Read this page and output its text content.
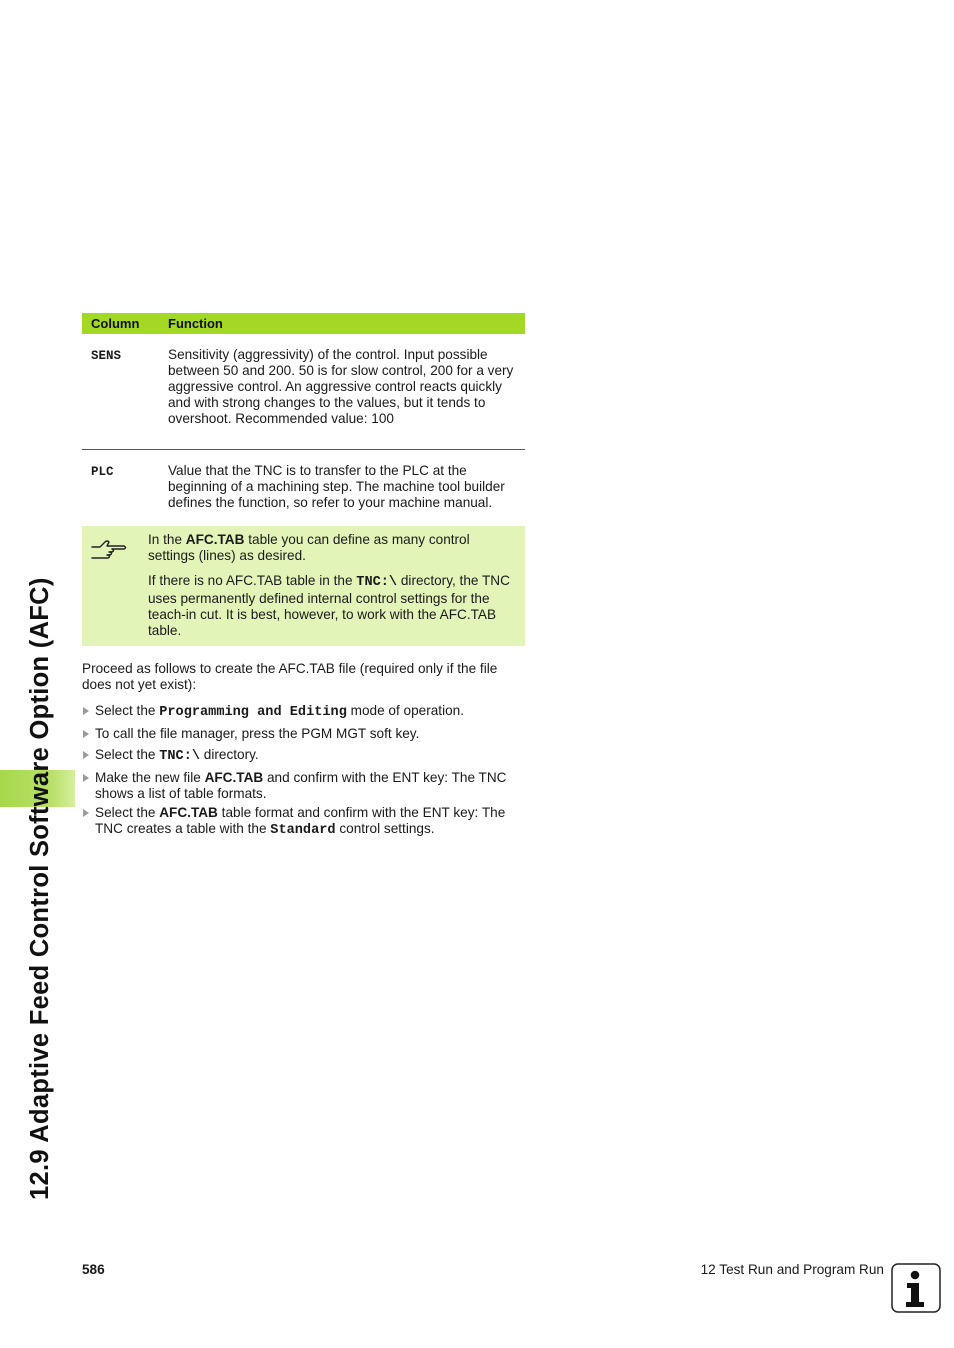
12.9 Adaptive Feed Control Software Option (AFC)
Column	Function
SENS	Sensitivity (aggressivity) of the control. Input possible between 50 and 200. 50 is for slow control, 200 for a very aggressive control. An aggressive control reacts quickly and with strong changes to the values, but it tends to overshoot. Recommended value: 100
PLC	Value that the TNC is to transfer to the PLC at the beginning of a machining step. The machine tool builder defines the function, so refer to your machine manual.

In the AFC.TAB table you can define as many control settings (lines) as desired.

If there is no AFC.TAB table in the TNC:\ directory, the TNC uses permanently defined internal control settings for the teach-in cut. It is best, however, to work with the AFC.TAB table.

Proceed as follows to create the AFC.TAB file (required only if the file does not yet exist):

Select the Programming and Editing mode of operation.
To call the file manager, press the PGM MGT soft key.
Select the TNC:\ directory.
Make the new file AFC.TAB and confirm with the ENT key: The TNC shows a list of table formats.
Select the AFC.TAB table format and confirm with the ENT key: The TNC creates a table with the Standard control settings.
586	12 Test Run and Program Run
